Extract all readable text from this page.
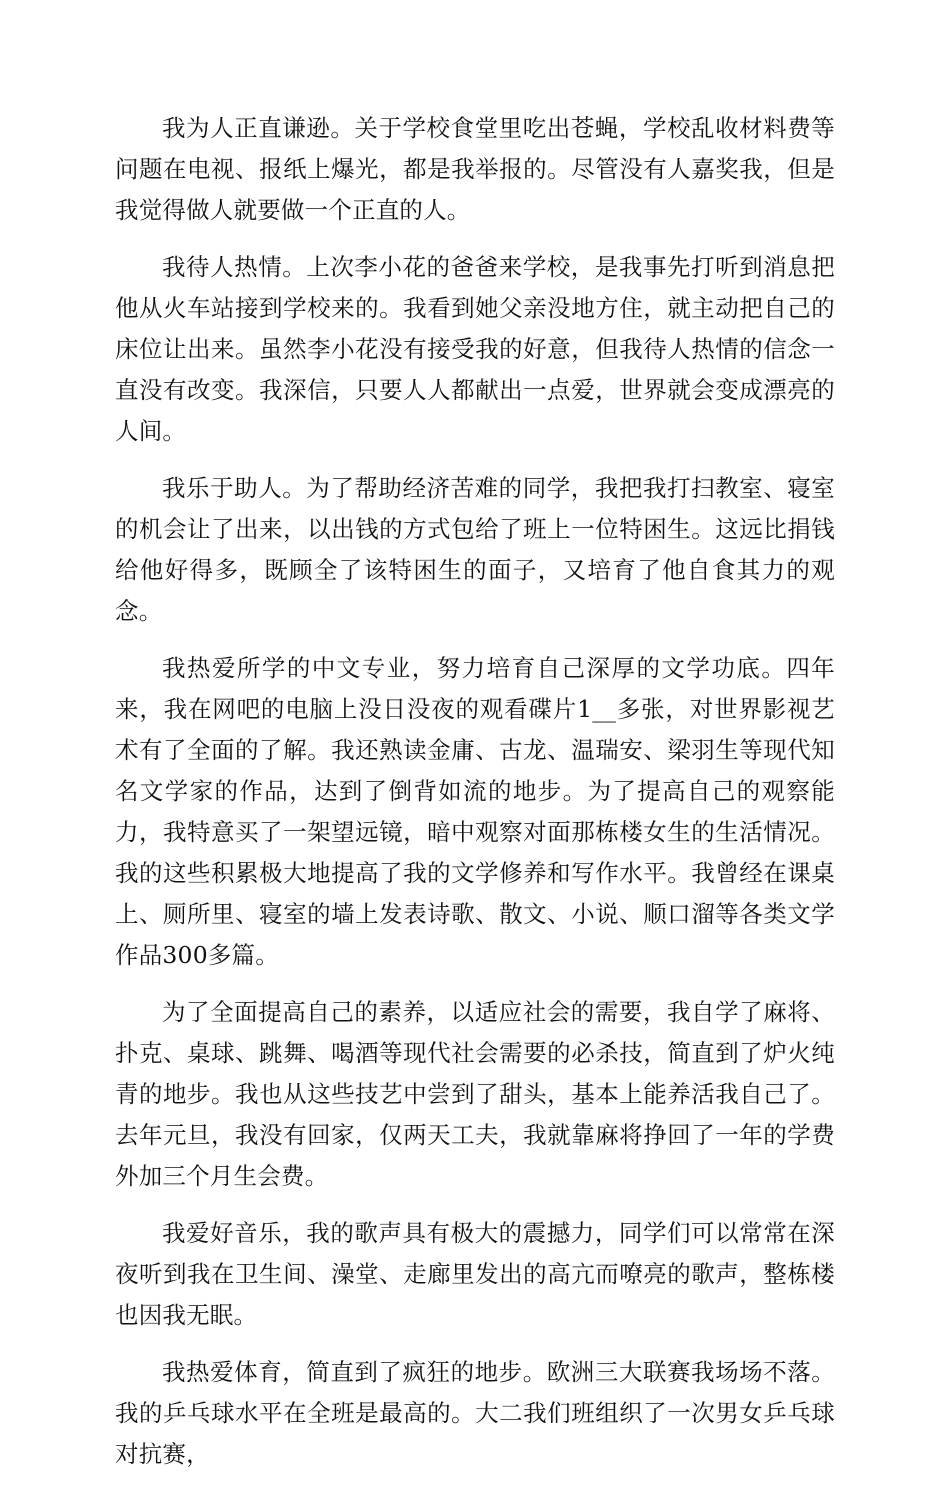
我为人正直谦逊。关于学校食堂里吃出苍蝇，学校乱收材料费等问题在电视、报纸上爆光，都是我举报的。尽管没有人嘉奖我，但是我觉得做人就要做一个正直的人。

我待人热情。上次李小花的爸爸来学校，是我事先打听到消息把他从火车站接到学校来的。我看到她父亲没地方住，就主动把自己的床位让出来。虽然李小花没有接受我的好意，但我待人热情的信念一直没有改变。我深信，只要人人都献出一点爱，世界就会变成漂亮的人间。

我乐于助人。为了帮助经济苦难的同学，我把我打扫教室、寝室的机会让了出来，以出钱的方式包给了班上一位特困生。这远比捐钱给他好得多，既顾全了该特困生的面子，又培育了他自食其力的观念。

我热爱所学的中文专业，努力培育自己深厚的文学功底。四年来，我在网吧的电脑上没日没夜的观看碟片1__多张，对世界影视艺术有了全面的了解。我还熟读金庸、古龙、温瑞安、梁羽生等现代知名文学家的作品，达到了倒背如流的地步。为了提高自己的观察能力，我特意买了一架望远镜，暗中观察对面那栋楼女生的生活情况。我的这些积累极大地提高了我的文学修养和写作水平。我曾经在课桌上、厕所里、寝室的墙上发表诗歌、散文、小说、顺口溜等各类文学作品300多篇。

为了全面提高自己的素养，以适应社会的需要，我自学了麻将、扑克、桌球、跳舞、喝酒等现代社会需要的必杀技，简直到了炉火纯青的地步。我也从这些技艺中尝到了甜头，基本上能养活我自己了。去年元旦，我没有回家，仅两天工夫，我就靠麻将挣回了一年的学费外加三个月生会费。

我爱好音乐，我的歌声具有极大的震撼力，同学们可以常常在深夜听到我在卫生间、澡堂、走廊里发出的高亢而嘹亮的歌声，整栋楼也因我无眠。

我热爱体育，简直到了疯狂的地步。欧洲三大联赛我场场不落。我的乒乓球水平在全班是最高的。大二我们班组织了一次男女乒乓球对抗赛，
